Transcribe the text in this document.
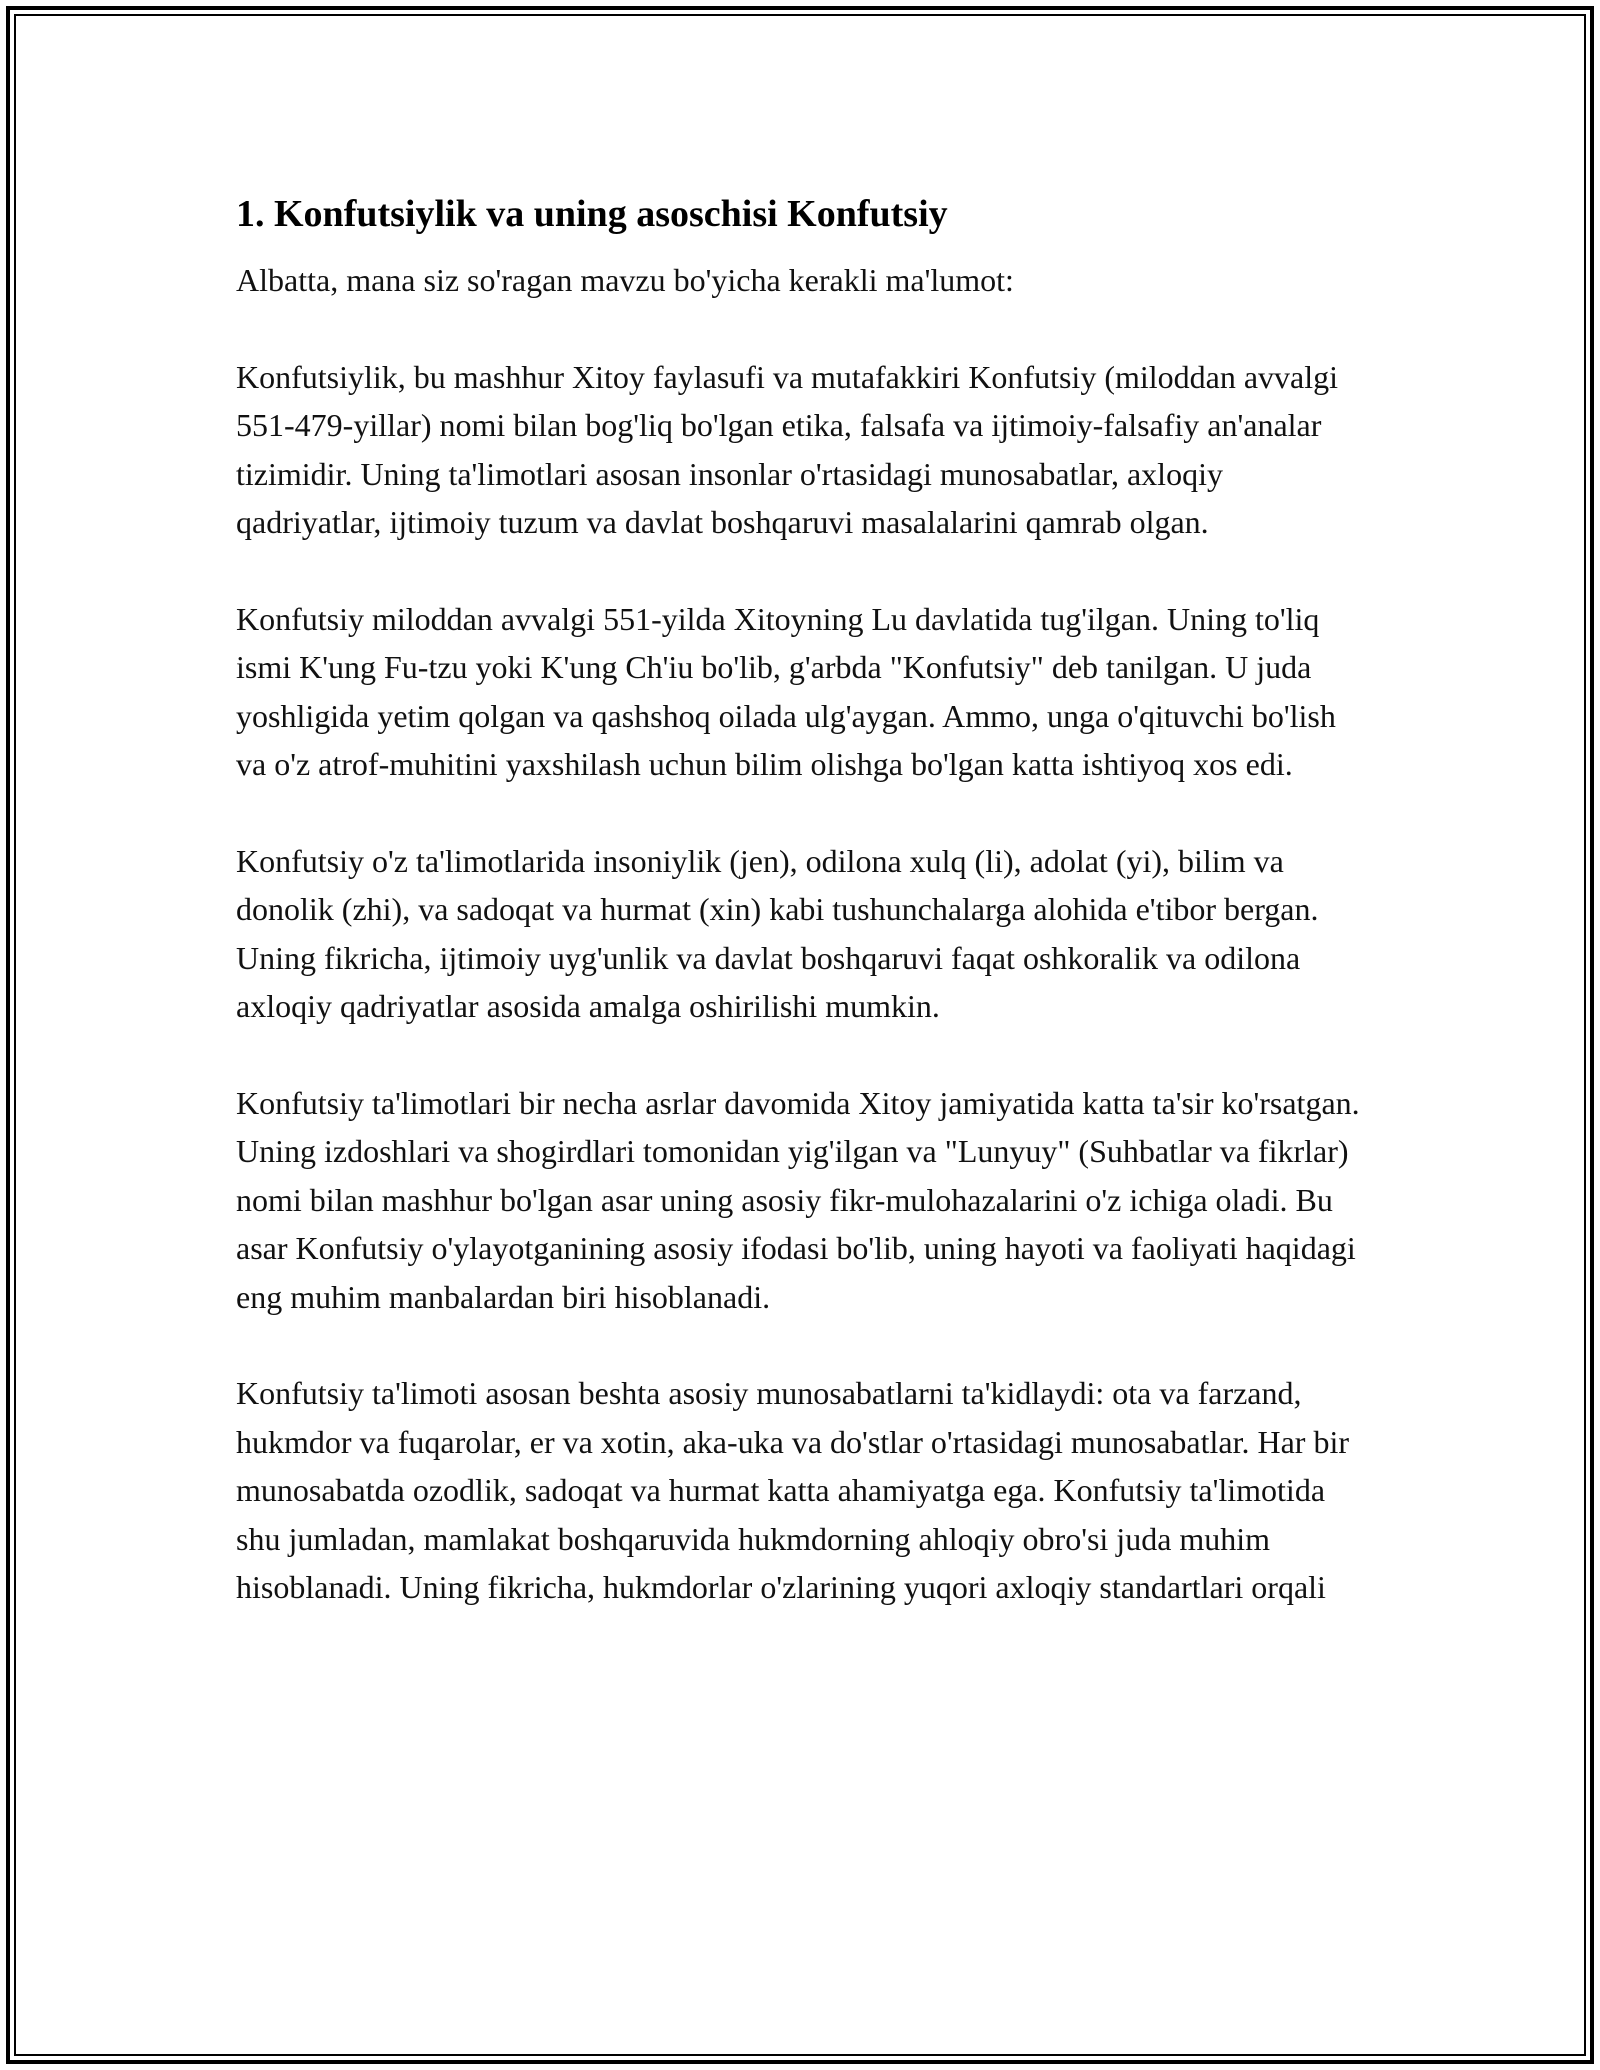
1. Konfutsiylik va uning asoschisi Konfutsiy

Albatta, mana siz so'ragan mavzu bo'yicha kerakli ma'lumot:

Konfutsiylik, bu mashhur Xitoy faylasufi va mutafakkiri Konfutsiy (miloddan avvalgi 551-479-yillar) nomi bilan bog'liq bo'lgan etika, falsafa va ijtimoiy-falsafiy an'analar tizimidir. Uning ta'limotlari asosan insonlar o'rtasidagi munosabatlar, axloqiy qadriyatlar, ijtimoiy tuzum va davlat boshqaruvi masalalarini qamrab olgan.

Konfutsiy miloddan avvalgi 551-yilda Xitoyning Lu davlatida tug'ilgan. Uning to'liq ismi K'ung Fu-tzu yoki K'ung Ch'iu bo'lib, g'arbda "Konfutsiy" deb tanilgan. U juda yoshligida yetim qolgan va qashshoq oilada ulg'aygan. Ammo, unga o'qituvchi bo'lish va o'z atrof-muhitini yaxshilash uchun bilim olishga bo'lgan katta ishtiyoq xos edi.

Konfutsiy o'z ta'limotlarida insoniylik (jen), odilona xulq (li), adolat (yi), bilim va donolik (zhi), va sadoqat va hurmat (xin) kabi tushunchalarga alohida e'tibor bergan. Uning fikricha, ijtimoiy uyg'unlik va davlat boshqaruvi faqat oshkoralik va odilona axloqiy qadriyatlar asosida amalga oshirilishi mumkin.

Konfutsiy ta'limotlari bir necha asrlar davomida Xitoy jamiyatida katta ta'sir ko'rsatgan. Uning izdoshlari va shogirdlari tomonidan yig'ilgan va "Lunyuy" (Suhbatlar va fikrlar) nomi bilan mashhur bo'lgan asar uning asosiy fikr-mulohazalarini o'z ichiga oladi. Bu asar Konfutsiy o'ylayotganining asosiy ifodasi bo'lib, uning hayoti va faoliyati haqidagi eng muhim manbalardan biri hisoblanadi.

Konfutsiy ta'limoti asosan beshta asosiy munosabatlarni ta'kidlaydi: ota va farzand, hukmdor va fuqarolar, er va xotin, aka-uka va do'stlar o'rtasidagi munosabatlar. Har bir munosabatda ozodlik, sadoqat va hurmat katta ahamiyatga ega. Konfutsiy ta'limotida shu jumladan, mamlakat boshqaruvida hukmdorning ahloqiy obro'si juda muhim hisoblanadi. Uning fikricha, hukmdorlar o'zlarining yuqori axloqiy standartlari orqali
